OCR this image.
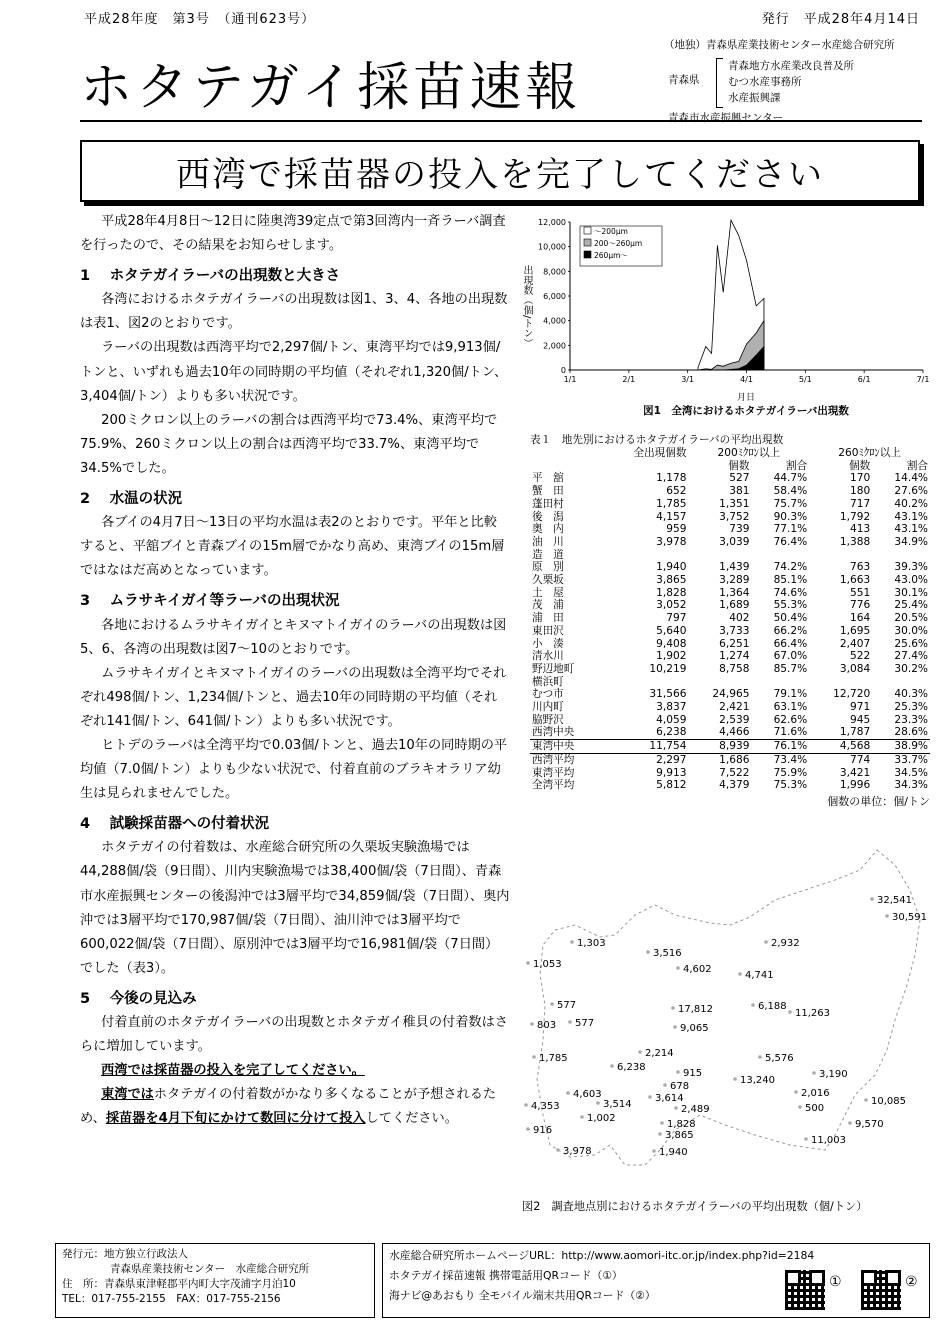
平成28年度　第3号　（通刊623号）	発行　平成28年4月14日
ホタテガイ採苗速報
（地独）青森県産業技術センター水産総合研究所
青森県
青森地方水産業改良普及所
むつ水産事務所
水産振興課
青森市水産振興センター
西湾で採苗器の投入を完了してください

平成28年4月8日～12日に陸奥湾39定点で第3回湾内一斉ラーバ調査を行ったので、その結果をお知らせします。

1　 ホタテガイラーバの出現数と大きさ

各湾におけるホタテガイラーバの出現数は図1、3、4、各地の出現数は表1、図2のとおりです。

ラーバの出現数は西湾平均で2,297個/トン、東湾平均では9,913個/トンと、いずれも過去10年の同時期の平均値（それぞれ1,320個/トン、3,404個/トン）よりも多い状況です。

200ミクロン以上のラーバの割合は西湾平均で73.4%、東湾平均で75.9%、260ミクロン以上の割合は西湾平均で33.7%、東湾平均で34.5%でした。

2　 水温の状況

各ブイの4月7日～13日の平均水温は表2のとおりです。平年と比較すると、平舘ブイと青森ブイの15m層でかなり高め、東湾ブイの15m層ではなはだ高めとなっています。

3　 ムラサキイガイ等ラーバの出現状況

各地におけるムラサキイガイとキヌマトイガイのラーバの出現数は図5、6、各湾の出現数は図7～10のとおりです。

ムラサキイガイとキヌマトイガイのラーバの出現数は全湾平均でそれぞれ498個/トン、1,234個/トンと、過去10年の同時期の平均値（それぞれ141個/トン、641個/トン）よりも多い状況です。

ヒトデのラーバは全湾平均で0.03個/トンと、過去10年の同時期の平均値（7.0個/トン）よりも少ない状況で、付着直前のブラキオラリア幼生は見られませんでした。

4　 試験採苗器への付着状況

ホタテガイの付着数は、水産総合研究所の久栗坂実験漁場では44,288個/袋（9日間）、川内実験漁場では38,400個/袋（7日間）、青森市水産振興センターの後潟沖では3層平均で34,859個/袋（7日間）、奥内沖では3層平均で170,987個/袋（7日間）、油川沖では3層平均で600,022個/袋（7日間）、原別沖では3層平均で16,981個/袋（7日間）でした（表3）。

5　 今後の見込み

付着直前のホタテガイラーバの出現数とホタテガイ稚貝の付着数はさらに増加しています。

西湾では採苗器の投入を完了してください。

東湾ではホタテガイの付着数がかなり多くなることが予想されるため、採苗器を4月下旬にかけて数回に分けて投入してください。

0
2,000
4,000
6,000
8,000
10,000
12,000
1/1	2/1	3/1	4/1	5/1	6/1	7/1
～200μm
200～260μm
260μm～
月日
図1　全湾におけるホタテガイラーバ出現数
出現数（個/トン）
表１　地先別におけるホタテガイラーバの平均出現数
	全出現個数	200ﾐｸﾛﾝ以上		260ﾐｸﾛﾝ以上	
		個数	割合	個数	割合
平　舘	1,178	527	44.7%	170	14.4%
蟹　田	652	381	58.4%	180	27.6%
蓬田村	1,785	1,351	75.7%	717	40.2%
後　潟	4,157	3,752	90.3%	1,792	43.1%
奥　内	959	739	77.1%	413	43.1%
油　川	3,978	3,039	76.4%	1,388	34.9%
造　道					
原　別	1,940	1,439	74.2%	763	39.3%
久栗坂	3,865	3,289	85.1%	1,663	43.0%
土　屋	1,828	1,364	74.6%	551	30.1%
茂　浦	3,052	1,689	55.3%	776	25.4%
浦　田	797	402	50.4%	164	20.5%
東田沢	5,640	3,733	66.2%	1,695	30.0%
小　湊	9,408	6,251	66.4%	2,407	25.6%
清水川	1,902	1,274	67.0%	522	27.4%
野辺地町	10,219	8,758	85.7%	3,084	30.2%
横浜町					
むつ市	31,566	24,965	79.1%	12,720	40.3%
川内町	3,837	2,421	63.1%	971	25.3%
脇野沢	4,059	2,539	62.6%	945	23.3%
西湾中央	6,238	4,466	71.6%	1,787	28.6%
東湾中央	11,754	8,939	76.1%	4,568	38.9%
西湾平均	2,297	1,686	73.4%	774	33.7%
東湾平均	9,913	7,522	75.9%	3,421	34.5%
全湾平均	5,812	4,379	75.3%	1,996	34.3%
個数の単位：個/トン
32,541
30,591
1,303
3,516
2,932
4,602
4,741
1,053
17,812	6,188
577
803 577	9,065
11,263
1,785	2,214
6,238
915
5,576
13,240
3,190
678
4,603	3,614	2,016
10,085
4,353	3,514	2,489	500
1,002
1,828	9,570
916	3,865	11,003
3,978	1,940
図2　調査地点別におけるホタテガイラーバの平均出現数（個/トン）
発行元：地方独立行政法人
青森県産業技術センター　水産総合研究所
住　所：青森県東津軽郡平内町大字茂浦字月泊10
TEL：017-755-2155　FAX：017-755-2156
水産総合研究所ホームページURL：http://www.aomori-itc.or.jp/index.php?id=2184
ホタテガイ採苗速報 携帯電話用QRコード（①）
海ナビ@あおもり 全モバイル端末共用QRコード（②）
①	②
